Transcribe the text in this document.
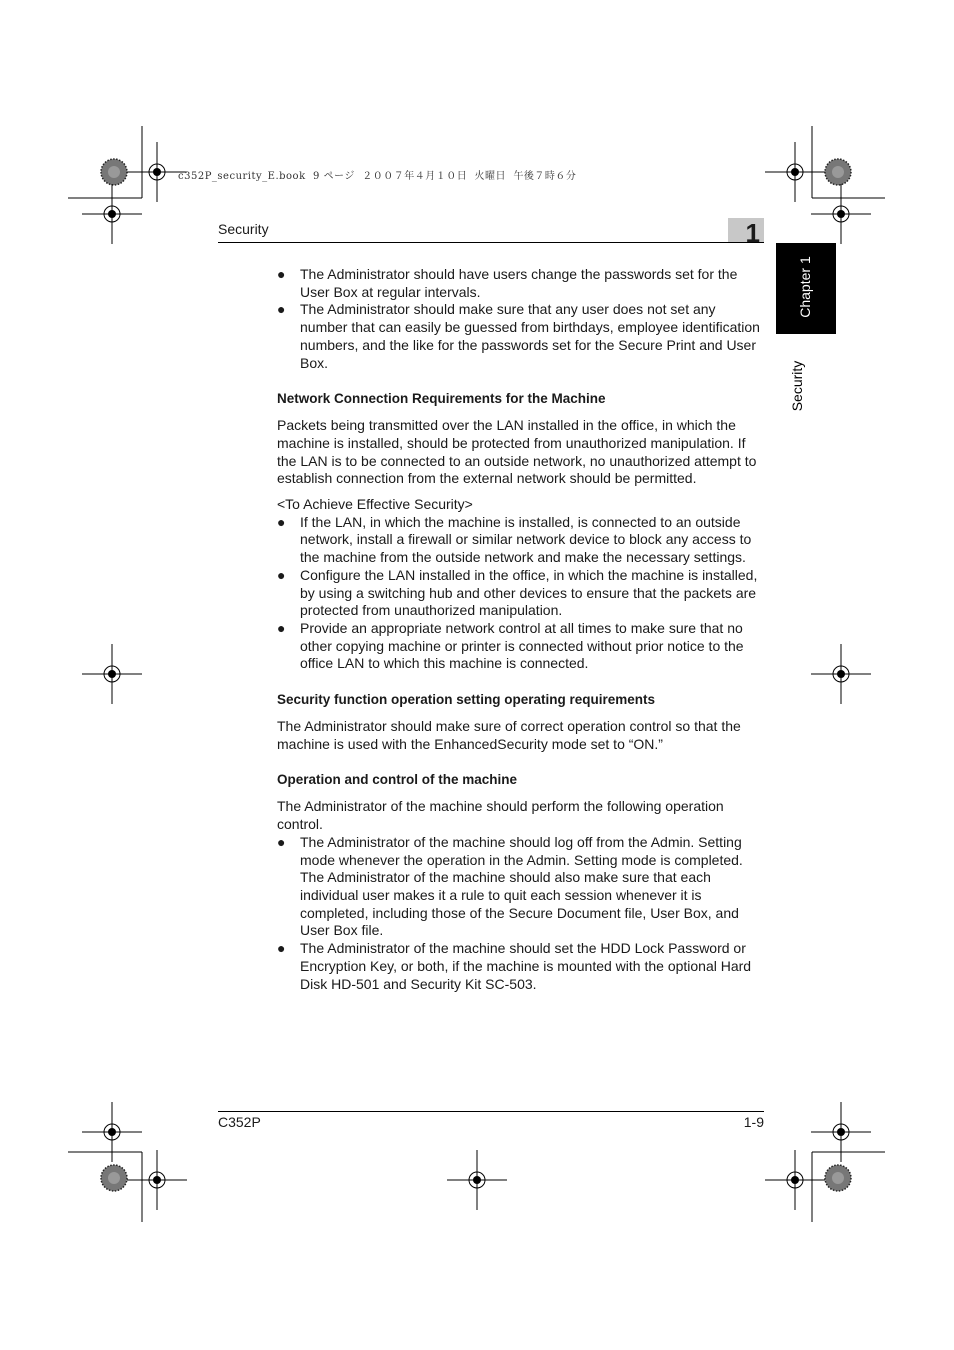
c352P_security_E.book  9 ページ  ２００７年４月１０日  火曜日  午後７時６分
Security	1
Chapter 1
Security
● The Administrator should have users change the passwords set for the User Box at regular intervals.
● The Administrator should make sure that any user does not set any number that can easily be guessed from birthdays, employee identification numbers, and the like for the passwords set for the Secure Print and User Box.
Network Connection Requirements for the Machine

Packets being transmitted over the LAN installed in the office, in which the machine is installed, should be protected from unauthorized manipulation. If the LAN is to be connected to an outside network, no unauthorized attempt to establish connection from the external network should be permitted.

<To Achieve Effective Security>

● If the LAN, in which the machine is installed, is connected to an outside network, install a firewall or similar network device to block any access to the machine from the outside network and make the necessary settings.
● Configure the LAN installed in the office, in which the machine is installed, by using a switching hub and other devices to ensure that the packets are protected from unauthorized manipulation.
● Provide an appropriate network control at all times to make sure that no other copying machine or printer is connected without prior notice to the office LAN to which this machine is connected.
Security function operation setting operating requirements

The Administrator should make sure of correct operation control so that the machine is used with the EnhancedSecurity mode set to “ON.”

Operation and control of the machine

The Administrator of the machine should perform the following operation control.

● The Administrator of the machine should log off from the Admin. Setting mode whenever the operation in the Admin. Setting mode is completed. The Administrator of the machine should also make sure that each individual user makes it a rule to quit each session whenever it is completed, including those of the Secure Document file, User Box, and User Box file.
● The Administrator of the machine should set the HDD Lock Password or Encryption Key, or both, if the machine is mounted with the optional Hard Disk HD-501 and Security Kit SC-503.
C352P	1-9
